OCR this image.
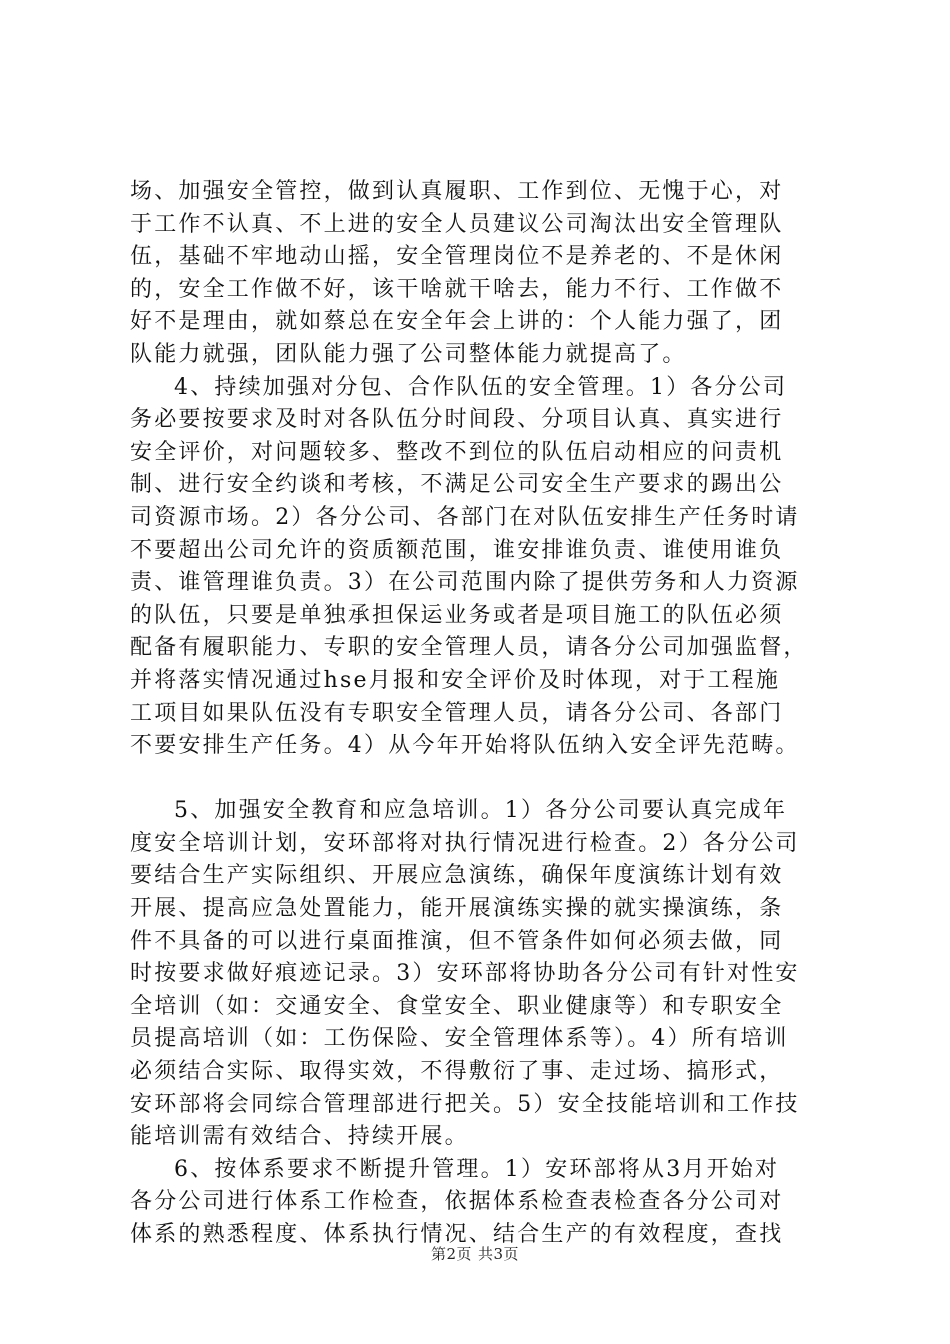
场、加强安全管控，做到认真履职、工作到位、无愧于心，对
于工作不认真、不上进的安全人员建议公司淘汰出安全管理队
伍，基础不牢地动山摇，安全管理岗位不是养老的、不是休闲
的，安全工作做不好，该干啥就干啥去，能力不行、工作做不
好不是理由，就如蔡总在安全年会上讲的：个人能力强了，团
队能力就强，团队能力强了公司整体能力就提高了。
4、持续加强对分包、合作队伍的安全管理。1）各分公司
务必要按要求及时对各队伍分时间段、分项目认真、真实进行
安全评价，对问题较多、整改不到位的队伍启动相应的问责机
制、进行安全约谈和考核，不满足公司安全生产要求的踢出公
司资源市场。2）各分公司、各部门在对队伍安排生产任务时请
不要超出公司允许的资质额范围，谁安排谁负责、谁使用谁负
责、谁管理谁负责。3）在公司范围内除了提供劳务和人力资源
的队伍，只要是单独承担保运业务或者是项目施工的队伍必须
配备有履职能力、专职的安全管理人员，请各分公司加强监督，
并将落实情况通过hse月报和安全评价及时体现，对于工程施
工项目如果队伍没有专职安全管理人员，请各分公司、各部门
不要安排生产任务。4）从今年开始将队伍纳入安全评先范畴。
5、加强安全教育和应急培训。1）各分公司要认真完成年
度安全培训计划，安环部将对执行情况进行检查。2）各分公司
要结合生产实际组织、开展应急演练，确保年度演练计划有效
开展、提高应急处置能力，能开展演练实操的就实操演练，条
件不具备的可以进行桌面推演，但不管条件如何必须去做，同
时按要求做好痕迹记录。3）安环部将协助各分公司有针对性安
全培训（如：交通安全、食堂安全、职业健康等）和专职安全
员提高培训（如：工伤保险、安全管理体系等）。4）所有培训
必须结合实际、取得实效，不得敷衍了事、走过场、搞形式，
安环部将会同综合管理部进行把关。5）安全技能培训和工作技
能培训需有效结合、持续开展。
6、按体系要求不断提升管理。1）安环部将从3月开始对
各分公司进行体系工作检查，依据体系检查表检查各分公司对
体系的熟悉程度、体系执行情况、结合生产的有效程度，查找
第2页 共3页
